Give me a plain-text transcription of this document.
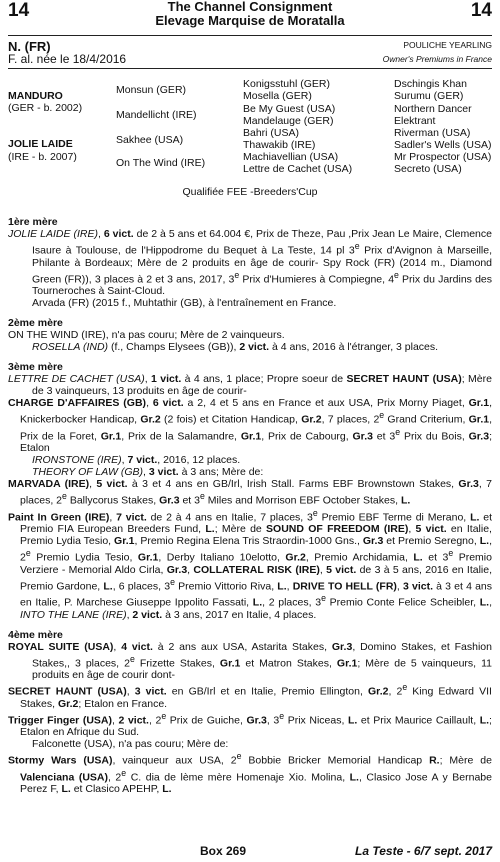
14	14
The Channel Consignment
Elevage Marquise de Moratalla
N. (FR)
F. al. née le 18/4/2016
POULICHE YEARLING
Owner's Premiums in France
MANDURO
(GER - b. 2002)
JOLIE LAIDE
(IRE - b. 2007)
Monsun (GER)
Mandellicht (IRE)
Sakhee (USA)
On The Wind (IRE)
Konigsstuhl (GER)
Mosella (GER)
Be My Guest (USA)
Mandelauge (GER)
Bahri (USA)
Thawakib (IRE)
Machiavellian (USA)
Lettre de Cachet (USA)
Dschingis Khan
Surumu (GER)
Northern Dancer
Elektrant
Riverman (USA)
Sadler's Wells (USA)
Mr Prospector (USA)
Secreto (USA)
Qualifiée FEE -Breeders'Cup
1ère mère

JOLIE LAIDE (IRE), 6 vict. de 2 à 5 ans et 64.004 €, Prix de Theze, Pau ,Prix Jean Le Maire, Clemence Isaure à Toulouse, de l'Hippodrome du Bequet à La Teste, 14 pl 3e Prix d'Avignon à Marseille, Philante à Bordeaux; Mère de 2 produits en âge de courir- Spy Rock (FR) (2014 m., Diamond Green (FR)), 3 places à 2 et 3 ans, 2017, 3e Prix d'Humieres à Compiegne, 4e Prix du Jardins des Tourneroches à Saint-Cloud.

Arvada (FR) (2015 f., Muhtathir (GB), à l'entraînement en France.

2ème mère

ON THE WIND (IRE), n'a pas couru; Mère de 2 vainqueurs.

ROSELLA (IND) (f., Champs Elysees (GB)), 2 vict. à 4 ans, 2016 à l'étranger, 3 places.

3ème mère

LETTRE DE CACHET (USA), 1 vict. à 4 ans, 1 place; Propre soeur de SECRET HAUNT (USA); Mère de 3 vainqueurs, 13 produits en âge de courir-

CHARGE D'AFFAIRES (GB), 6 vict. a 2, 4 et 5 ans en France et aux USA, Prix Morny Piaget, Gr.1, Knickerbocker Handicap, Gr.2 (2 fois) et Citation Handicap, Gr.2, 7 places, 2e Grand Criterium, Gr.1, Prix de la Foret, Gr.1, Prix de la Salamandre, Gr.1, Prix de Cabourg, Gr.3 et 3e Prix du Bois, Gr.3; Etalon

IRONSTONE (IRE), 7 vict., 2016, 12 places.

THEORY OF LAW (GB), 3 vict. à 3 ans; Mère de:

MARVADA (IRE), 5 vict. à 3 et 4 ans en GB/Irl, Irish Stall. Farms EBF Brownstown Stakes, Gr.3, 7 places, 2e Ballycorus Stakes, Gr.3 et 3e Miles and Morrison EBF October Stakes, L.

Paint In Green (IRE), 7 vict. de 2 à 4 ans en Italie, 7 places, 3e Premio EBF Terme di Merano, L. et Premio FIA European Breeders Fund, L.; Mère de SOUND OF FREEDOM (IRE), 5 vict. en Italie, Premio Lydia Tesio, Gr.1, Premio Regina Elena Tris Straordin-1000 Gns., Gr.3 et Premio Seregno, L., 2e Premio Lydia Tesio, Gr.1, Derby Italiano 10elotto, Gr.2, Premio Archidamia, L. et 3e Premio Verziere - Memorial Aldo Cirla, Gr.3, COLLATERAL RISK (IRE), 5 vict. de 3 à 5 ans, 2016 en Italie, Premio Gardone, L., 6 places, 3e Premio Vittorio Riva, L., DRIVE TO HELL (FR), 3 vict. à 3 et 4 ans en Italie, P. Marchese Giuseppe Ippolito Fassati, L., 2 places, 3e Premio Conte Felice Scheibler, L., INTO THE LANE (IRE), 2 vict. à 3 ans, 2017 en Italie, 4 places.

4ème mère

ROYAL SUITE (USA), 4 vict. à 2 ans aux USA, Astarita Stakes, Gr.3, Domino Stakes, et Fashion Stakes,, 3 places, 2e Frizette Stakes, Gr.1 et Matron Stakes, Gr.1; Mère de 5 vainqueurs, 11 produits en âge de courir dont-

SECRET HAUNT (USA), 3 vict. en GB/Irl et en Italie, Premio Ellington, Gr.2, 2e King Edward VII Stakes, Gr.2; Etalon en France.

Trigger Finger (USA), 2 vict., 2e Prix de Guiche, Gr.3, 3e Prix Niceas, L. et Prix Maurice Caillault, L.; Etalon en Afrique du Sud.

Falconette (USA), n'a pas couru; Mère de:

Stormy Wars (USA), vainqueur aux USA, 2e Bobbie Bricker Memorial Handicap R.; Mère de Valenciana (USA), 2e C. dia de lème mère Homenaje Xio. Molina, L., Clasico Jose A y Bernabe Perez F, L. et Clasico APEHP, L.

Box 269	La Teste - 6/7 sept. 2017
